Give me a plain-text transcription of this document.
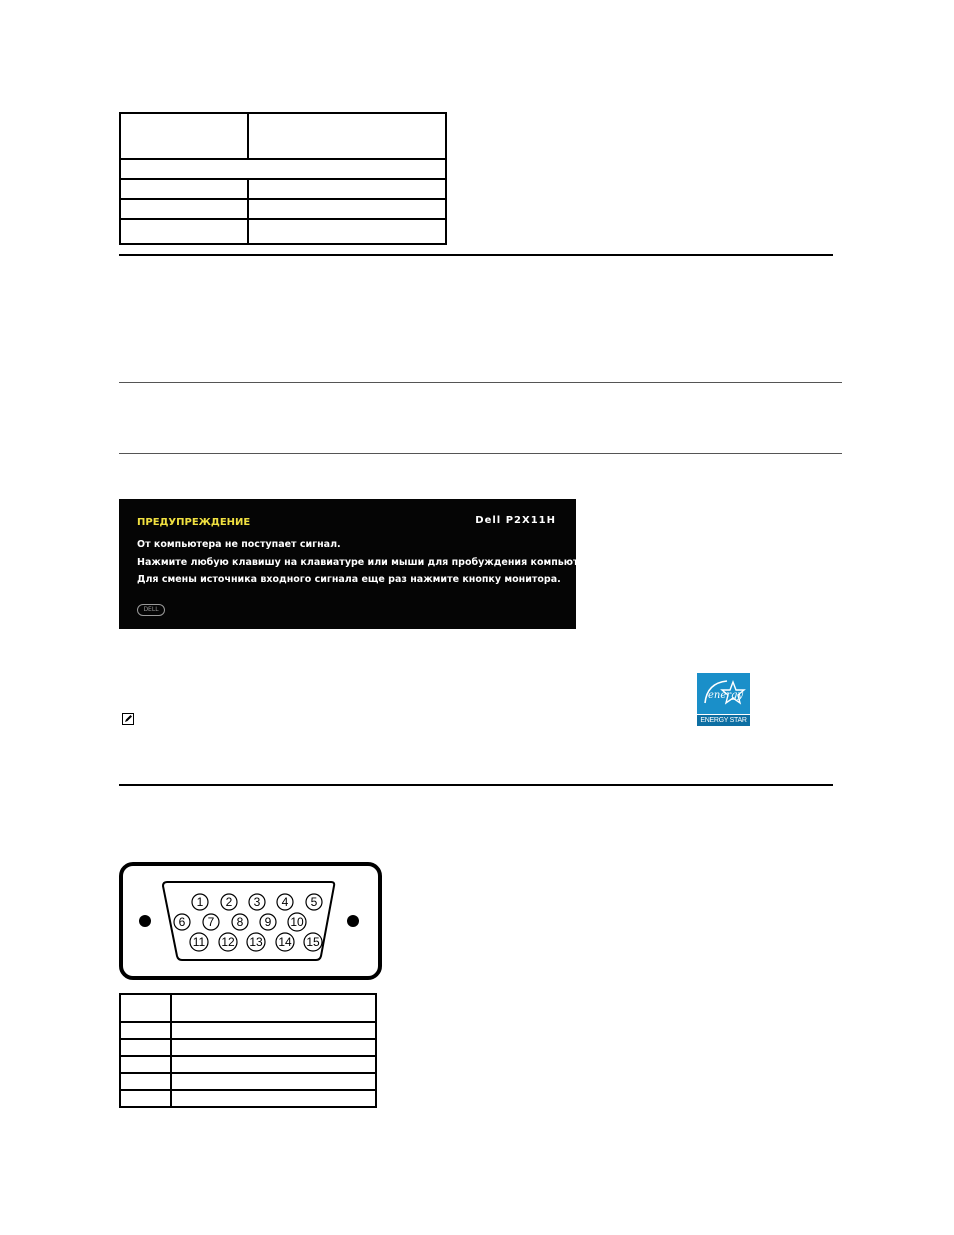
ПРЕДУПРЕЖДЕНИЕ	Dell P2X11H
От компьютера не поступает сигнал.
Нажмите любую клавишу на клавиатуре или мыши для пробуждения компьютера.
Для смены источника входного сигнала еще раз нажмите кнопку монитора.
DELL
energy
ENERGY STAR
1 2 3 4 5
6 7 8 9 10
11 12 13 14 15
